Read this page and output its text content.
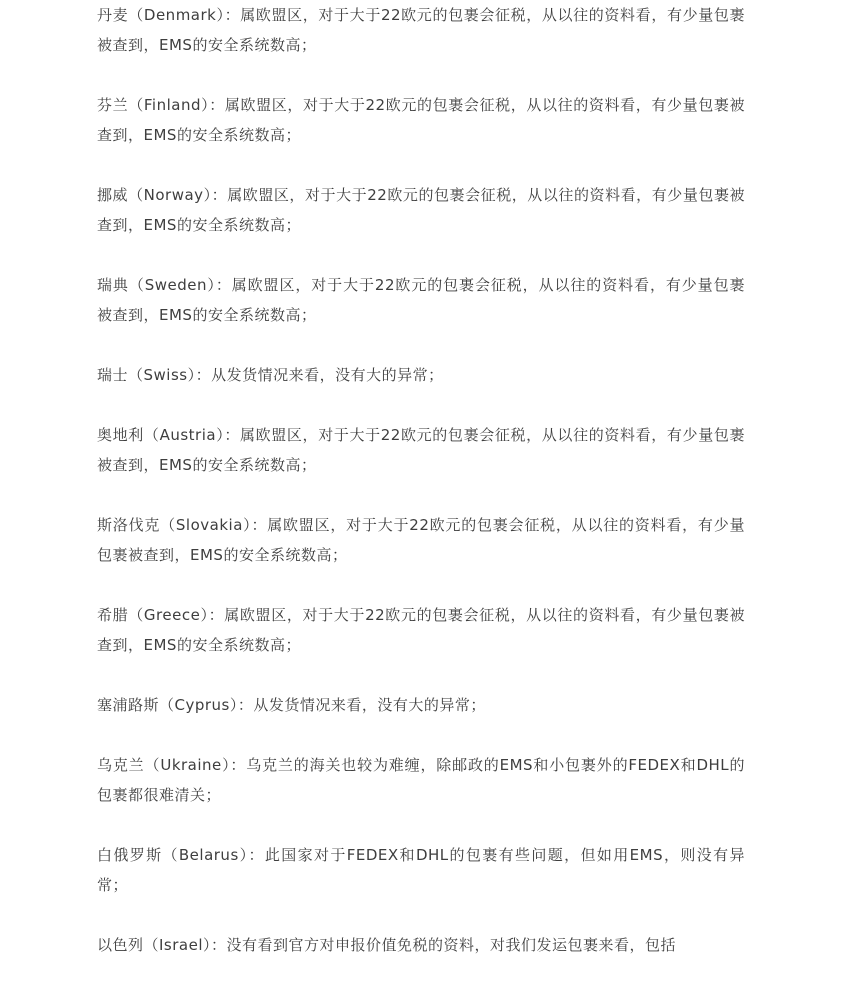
丹麦（Denmark）：属欧盟区，对于大于22欧元的包裹会征税，从以往的资料看，有少量包裹被查到，EMS的安全系统数高；

芬兰（Finland）：属欧盟区，对于大于22欧元的包裹会征税，从以往的资料看，有少量包裹被查到，EMS的安全系统数高；

挪威（Norway）：属欧盟区，对于大于22欧元的包裹会征税，从以往的资料看，有少量包裹被查到，EMS的安全系统数高；

瑞典（Sweden）：属欧盟区，对于大于22欧元的包裹会征税，从以往的资料看，有少量包裹被查到，EMS的安全系统数高；

瑞士（Swiss）：从发货情况来看，没有大的异常；

奥地利（Austria）：属欧盟区，对于大于22欧元的包裹会征税，从以往的资料看，有少量包裹被查到，EMS的安全系统数高；

斯洛伐克（Slovakia）：属欧盟区，对于大于22欧元的包裹会征税，从以往的资料看，有少量包裹被查到，EMS的安全系统数高；

希腊（Greece）：属欧盟区，对于大于22欧元的包裹会征税，从以往的资料看，有少量包裹被查到，EMS的安全系统数高；

塞浦路斯（Cyprus）：从发货情况来看，没有大的异常；

乌克兰（Ukraine）：乌克兰的海关也较为难缠，除邮政的EMS和小包裹外的FEDEX和DHL的包裹都很难清关；

白俄罗斯（Belarus）：此国家对于FEDEX和DHL的包裹有些问题，但如用EMS，则没有异常；

以色列（Israel）：没有看到官方对申报价值免税的资料，对我们发运包裹来看，包括
